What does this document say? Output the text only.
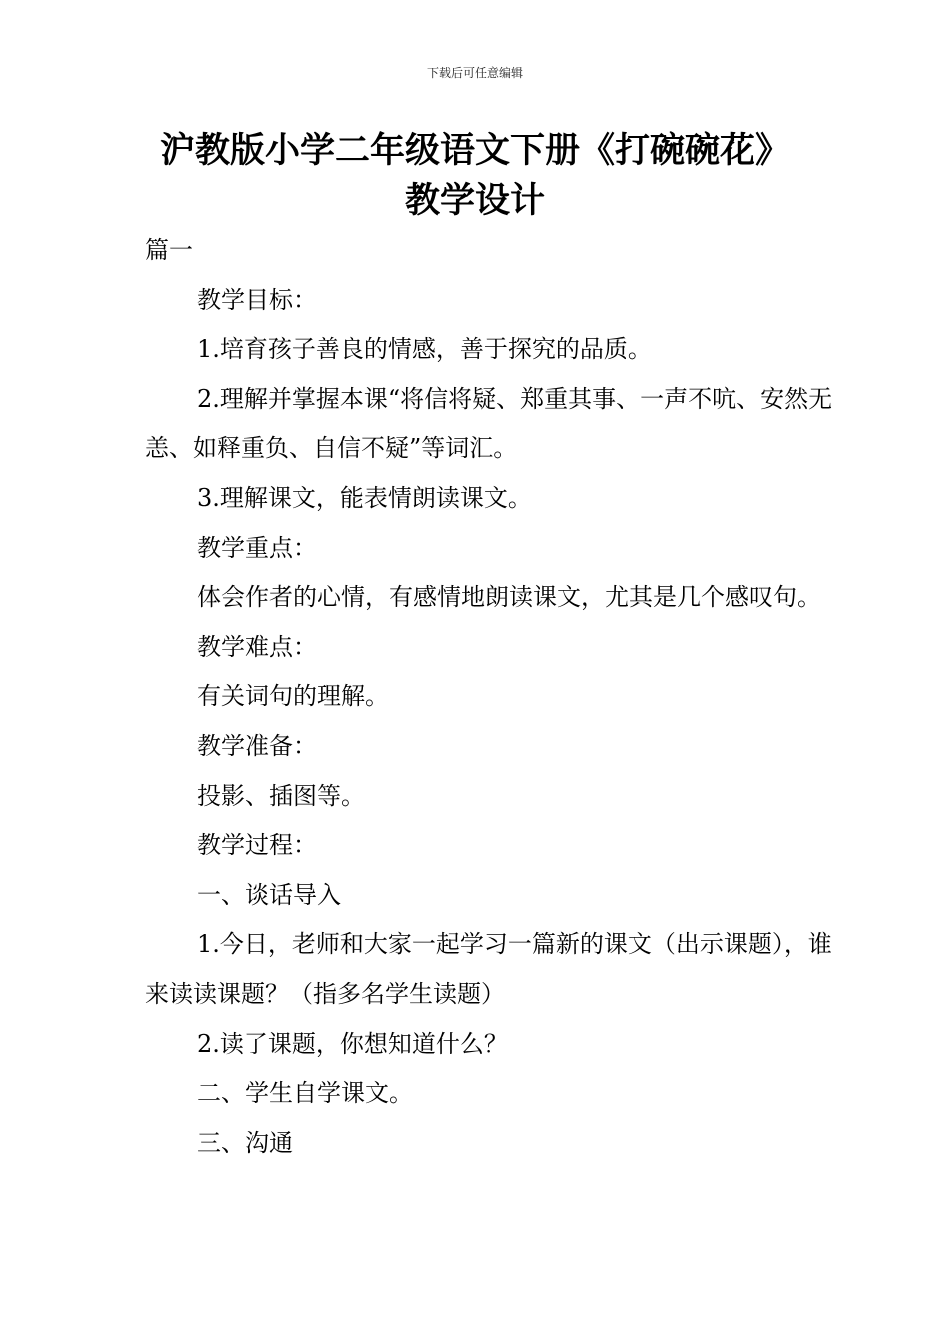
下载后可任意编辑
沪教版小学二年级语文下册《打碗碗花》
教学设计

篇一

教学目标：

1.培育孩子善良的情感，善于探究的品质。

2.理解并掌握本课“将信将疑、郑重其事、一声不吭、安然无恙、如释重负、自信不疑”等词汇。

3.理解课文，能表情朗读课文。

教学重点：

体会作者的心情，有感情地朗读课文，尤其是几个感叹句。

教学难点：

有关词句的理解。

教学准备：

投影、插图等。

教学过程：

一、谈话导入

1.今日，老师和大家一起学习一篇新的课文（出示课题），谁来读读课题？（指多名学生读题）

2.读了课题，你想知道什么？

二、学生自学课文。

三、沟通
